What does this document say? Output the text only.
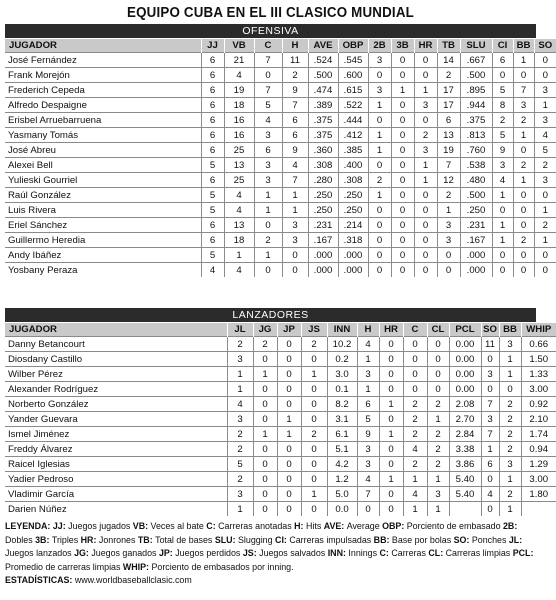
EQUIPO CUBA EN EL III CLASICO MUNDIAL
OFENSIVA
JUGADOR	JJ	VB	C	H	AVE	OBP	2B	3B	HR	TB	SLU	CI	BB	SO
José Fernández	6	21	7	11	.524	.545	3	0	0	14	.667	6	1	0
Frank Morejón	6	4	0	2	.500	.600	0	0	0	2	.500	0	0	0
Frederich Cepeda	6	19	7	9	.474	.615	3	1	1	17	.895	5	7	3
Alfredo Despaigne	6	18	5	7	.389	.522	1	0	3	17	.944	8	3	1
Erisbel Arruebarruena	6	16	4	6	.375	.444	0	0	0	6	.375	2	2	3
Yasmany Tomás	6	16	3	6	.375	.412	1	0	2	13	.813	5	1	4
José Abreu	6	25	6	9	.360	.385	1	0	3	19	.760	9	0	5
Alexei Bell	5	13	3	4	.308	.400	0	0	1	7	.538	3	2	2
Yulieski Gourriel	6	25	3	7	.280	.308	2	0	1	12	.480	4	1	3
Raúl González	5	4	1	1	.250	.250	1	0	0	2	.500	1	0	0
Luis Rivera	5	4	1	1	.250	.250	0	0	0	1	.250	0	0	1
Eriel Sánchez	6	13	0	3	.231	.214	0	0	0	3	.231	1	0	2
Guillermo Heredia	6	18	2	3	.167	.318	0	0	0	3	.167	1	2	1
Andy Ibáñez	5	1	1	0	.000	.000	0	0	0	0	.000	0	0	0
Yosbany Peraza	4	4	0	0	.000	.000	0	0	0	0	.000	0	0	0
LANZADORES
JUGADOR	JL	JG	JP	JS	INN	H	HR	C	CL	PCL	SO	BB	WHIP
Danny Betancourt	2	2	0	2	10.2	4	0	0	0	0.00	11	3	0.66
Diosdany Castillo	3	0	0	0	0.2	1	0	0	0	0.00	0	1	1.50
Wilber Pérez	1	1	0	1	3.0	3	0	0	0	0.00	3	1	1.33
Alexander Rodríguez	1	0	0	0	0.1	1	0	0	0	0.00	0	0	3.00
Norberto González	4	0	0	0	8.2	6	1	2	2	2.08	7	2	0.92
Yander Guevara	3	0	1	0	3.1	5	0	2	1	2.70	3	2	2.10
Ismel Jiménez	2	1	1	2	6.1	9	1	2	2	2.84	7	2	1.74
Freddy Álvarez	2	0	0	0	5.1	3	0	4	2	3.38	1	2	0.94
Raicel Iglesias	5	0	0	0	4.2	3	0	2	2	3.86	6	3	1.29
Yadier Pedroso	2	0	0	0	1.2	4	1	1	1	5.40	0	1	3.00
Vladimir García	3	0	0	1	5.0	7	0	4	3	5.40	4	2	1.80
Darien Núñez	1	0	0	0	0.0	0	0	1	1		0	1	
LEYENDA: JJ: Juegos jugados VB: Veces al bate C: Carreras anotadas H: Hits AVE: Average OBP: Porciento de embasado 2B: Dobles 3B: Triples HR: Jonrones TB: Total de bases SLU: Slugging CI: Carreras impulsadas BB: Base por bolas SO: Ponches JL: Juegos lanzados JG: Juegos ganados JP: Juegos perdidos JS: Juegos salvados INN: Innings C: Carreras CL: Carreras limpias PCL: Promedio de carreras limpias WHIP: Porciento de embasados por inning.
ESTADÍSTICAS: www.worldbaseballclasic.com
